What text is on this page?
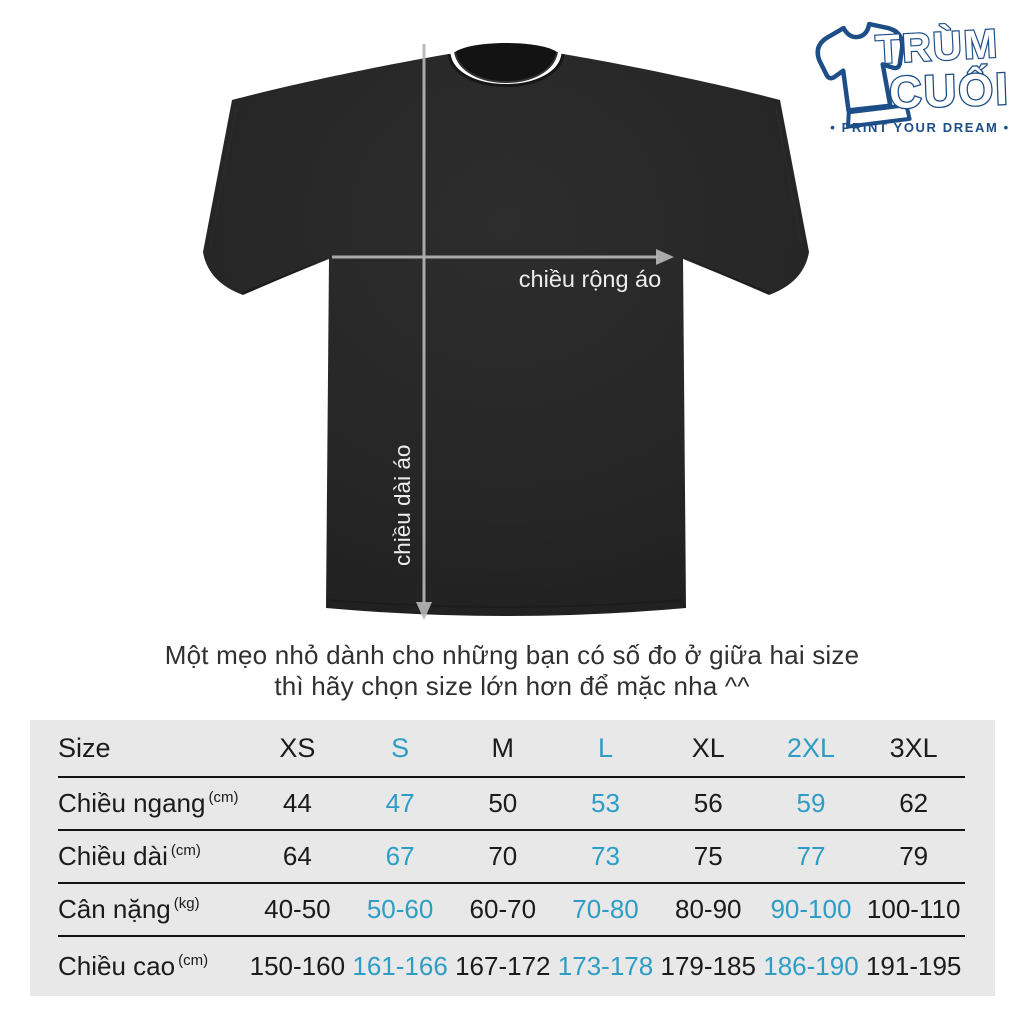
chiều rộng áo
chiều dài áo
TRÙM
CUỐI
• PRINT YOUR DREAM •
Một mẹo nhỏ dành cho những bạn có số đo ở giữa hai size
thì hãy chọn size lớn hơn để mặc nha ^^
Size	XS	S	M	L	XL	2XL	3XL
Chiều ngang $^{(cm)}$	44	47	50	53	56	59	62
Chiều dài $^{(cm)}$	64	67	70	73	75	77	79
Cân nặng $^{(kg)}$	40-50	50-60	60-70	70-80	80-90	90-100 100-110
Chiều cao $^{(cm)}$	150-160 161-166 167-172 173-178 179-185 186-190 191-195
